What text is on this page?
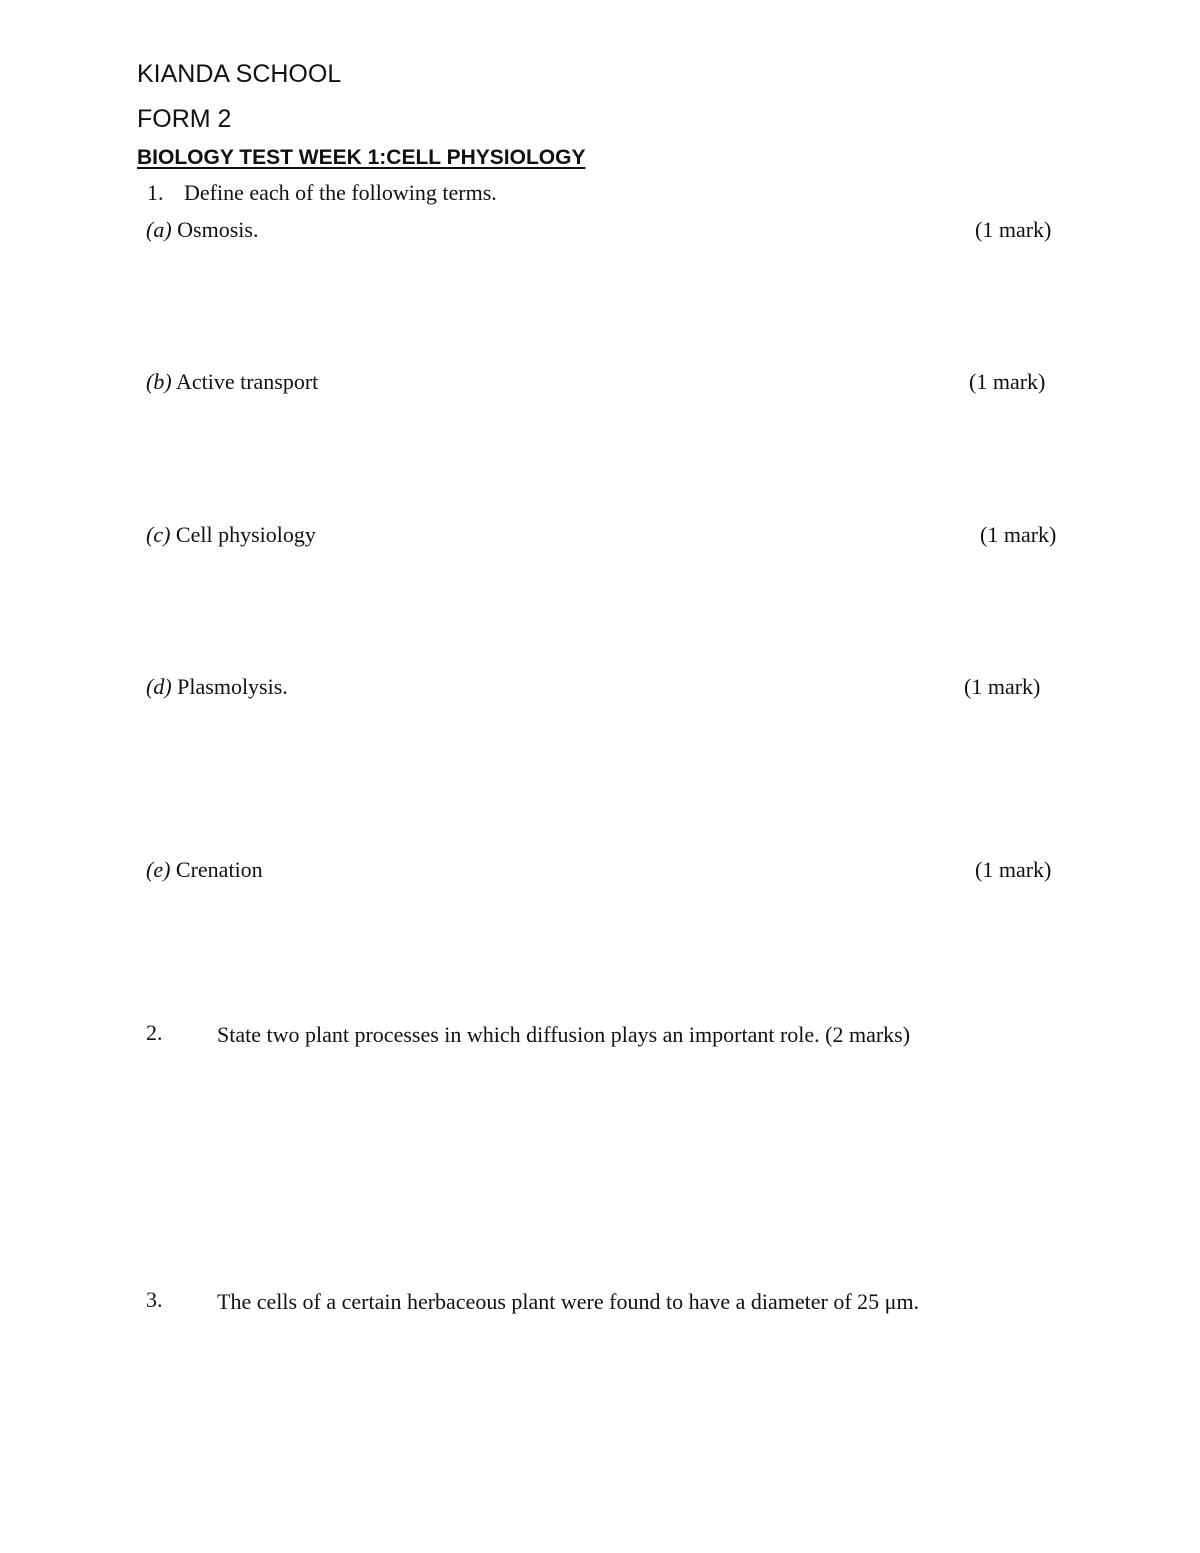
KIANDA SCHOOL
FORM 2
BIOLOGY TEST WEEK 1:CELL PHYSIOLOGY
1. Define each of the following terms.
(a) Osmosis.	(1 mark)
(b) Active transport	(1 mark)
(c) Cell physiology	(1 mark)
(d) Plasmolysis.	(1 mark)
(e) Crenation	(1 mark)
2. State two plant processes in which diffusion plays an important role. (2 marks)
3. The cells of a certain herbaceous plant were found to have a diameter of 25 μm.
